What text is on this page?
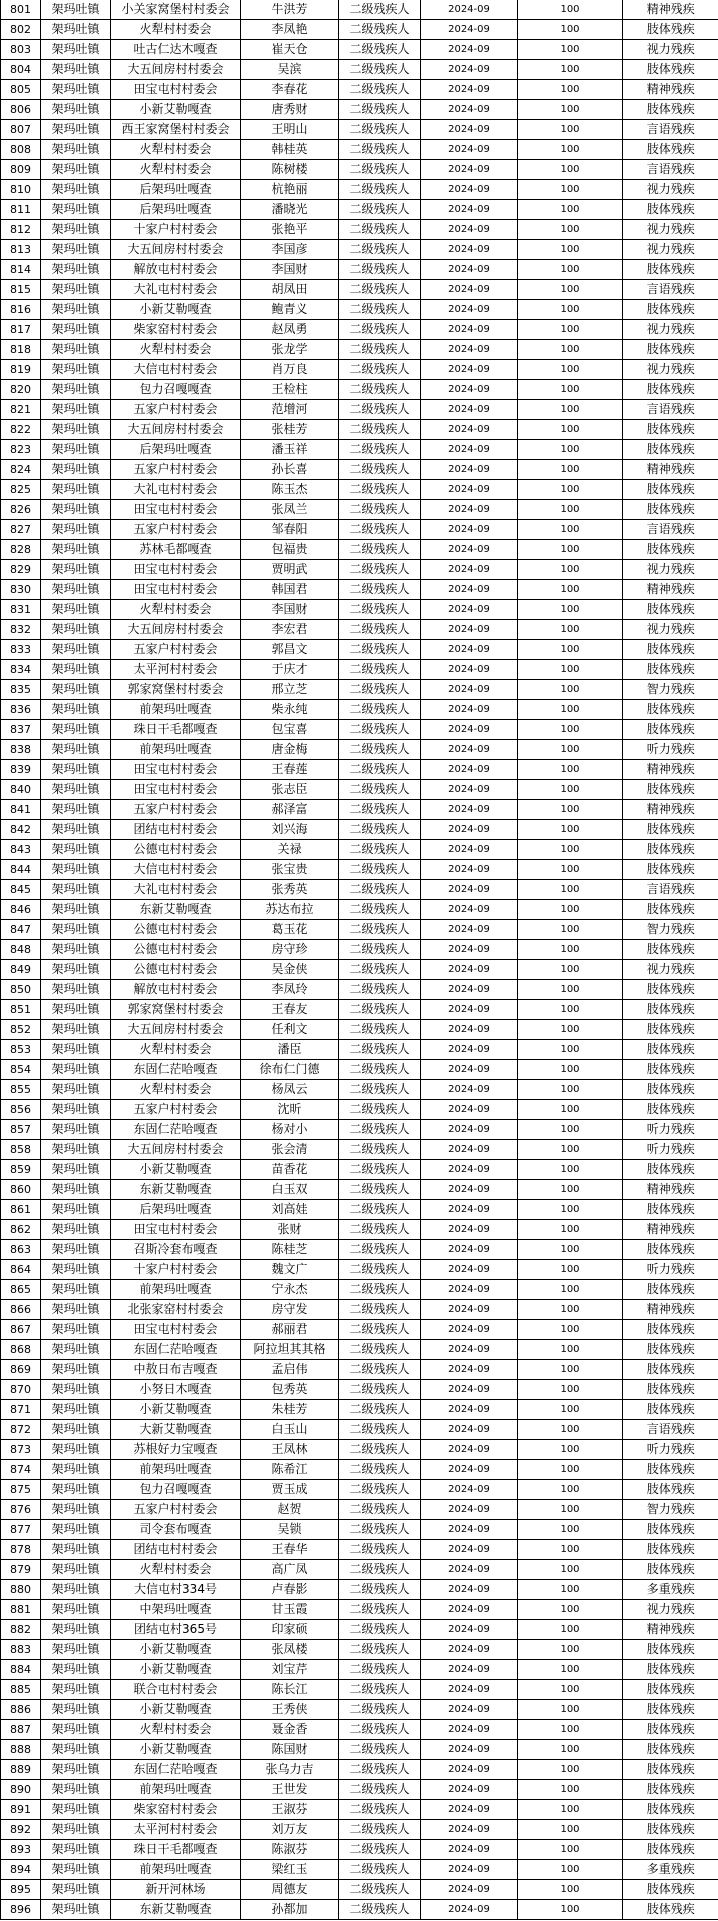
801	架玛吐镇	小关家窝堡村村委会	牛洪芳	二级残疾人	2024-09	100	精神残疾
802	架玛吐镇	火犁村村委会	李凤艳	二级残疾人	2024-09	100	肢体残疾
803	架玛吐镇	吐古仁达木嘎查	崔天仓	二级残疾人	2024-09	100	视力残疾
804	架玛吐镇	大五间房村村委会	吴滨	二级残疾人	2024-09	100	肢体残疾
805	架玛吐镇	田宝屯村村委会	李春花	二级残疾人	2024-09	100	精神残疾
806	架玛吐镇	小新艾勒嘎查	唐秀财	二级残疾人	2024-09	100	肢体残疾
807	架玛吐镇	西王家窝堡村村委会	王明山	二级残疾人	2024-09	100	言语残疾
808	架玛吐镇	火犁村村委会	韩桂英	二级残疾人	2024-09	100	肢体残疾
809	架玛吐镇	火犁村村委会	陈树楼	二级残疾人	2024-09	100	言语残疾
810	架玛吐镇	后架玛吐嘎查	杭艳丽	二级残疾人	2024-09	100	视力残疾
811	架玛吐镇	后架玛吐嘎查	潘晓光	二级残疾人	2024-09	100	肢体残疾
812	架玛吐镇	十家户村村委会	张艳平	二级残疾人	2024-09	100	视力残疾
813	架玛吐镇	大五间房村村委会	李国彦	二级残疾人	2024-09	100	视力残疾
814	架玛吐镇	解放屯村村委会	李国财	二级残疾人	2024-09	100	肢体残疾
815	架玛吐镇	大礼屯村村委会	胡凤田	二级残疾人	2024-09	100	言语残疾
816	架玛吐镇	小新艾勒嘎查	鲍青义	二级残疾人	2024-09	100	肢体残疾
817	架玛吐镇	柴家窑村村委会	赵凤勇	二级残疾人	2024-09	100	视力残疾
818	架玛吐镇	火犁村村委会	张龙学	二级残疾人	2024-09	100	肢体残疾
819	架玛吐镇	大信屯村村委会	肖万良	二级残疾人	2024-09	100	视力残疾
820	架玛吐镇	包力召嘎嘎查	王检柱	二级残疾人	2024-09	100	肢体残疾
821	架玛吐镇	五家户村村委会	范增河	二级残疾人	2024-09	100	言语残疾
822	架玛吐镇	大五间房村村委会	张桂芳	二级残疾人	2024-09	100	肢体残疾
823	架玛吐镇	后架玛吐嘎查	潘玉祥	二级残疾人	2024-09	100	肢体残疾
824	架玛吐镇	五家户村村委会	孙长喜	二级残疾人	2024-09	100	精神残疾
825	架玛吐镇	大礼屯村村委会	陈玉杰	二级残疾人	2024-09	100	肢体残疾
826	架玛吐镇	田宝屯村村委会	张凤兰	二级残疾人	2024-09	100	肢体残疾
827	架玛吐镇	五家户村村委会	邹春阳	二级残疾人	2024-09	100	言语残疾
828	架玛吐镇	苏林毛都嘎查	包福贵	二级残疾人	2024-09	100	肢体残疾
829	架玛吐镇	田宝屯村村委会	贾明武	二级残疾人	2024-09	100	视力残疾
830	架玛吐镇	田宝屯村村委会	韩国君	二级残疾人	2024-09	100	精神残疾
831	架玛吐镇	火犁村村委会	李国财	二级残疾人	2024-09	100	肢体残疾
832	架玛吐镇	大五间房村村委会	李宏君	二级残疾人	2024-09	100	视力残疾
833	架玛吐镇	五家户村村委会	郭昌文	二级残疾人	2024-09	100	肢体残疾
834	架玛吐镇	太平河村村委会	于庆才	二级残疾人	2024-09	100	肢体残疾
835	架玛吐镇	郭家窝堡村村委会	邢立芝	二级残疾人	2024-09	100	智力残疾
836	架玛吐镇	前架玛吐嘎查	柴永纯	二级残疾人	2024-09	100	肢体残疾
837	架玛吐镇	珠日干毛都嘎查	包宝喜	二级残疾人	2024-09	100	肢体残疾
838	架玛吐镇	前架玛吐嘎查	唐金梅	二级残疾人	2024-09	100	听力残疾
839	架玛吐镇	田宝屯村村委会	王春莲	二级残疾人	2024-09	100	精神残疾
840	架玛吐镇	田宝屯村村委会	张志臣	二级残疾人	2024-09	100	肢体残疾
841	架玛吐镇	五家户村村委会	郝泽富	二级残疾人	2024-09	100	精神残疾
842	架玛吐镇	团结屯村村委会	刘兴海	二级残疾人	2024-09	100	肢体残疾
843	架玛吐镇	公德屯村村委会	关禄	二级残疾人	2024-09	100	肢体残疾
844	架玛吐镇	大信屯村村委会	张宝贵	二级残疾人	2024-09	100	肢体残疾
845	架玛吐镇	大礼屯村村委会	张秀英	二级残疾人	2024-09	100	言语残疾
846	架玛吐镇	东新艾勒嘎查	苏达布拉	二级残疾人	2024-09	100	肢体残疾
847	架玛吐镇	公德屯村村委会	葛玉花	二级残疾人	2024-09	100	智力残疾
848	架玛吐镇	公德屯村村委会	房守珍	二级残疾人	2024-09	100	肢体残疾
849	架玛吐镇	公德屯村村委会	吴金侠	二级残疾人	2024-09	100	视力残疾
850	架玛吐镇	解放屯村村委会	李凤玲	二级残疾人	2024-09	100	肢体残疾
851	架玛吐镇	郭家窝堡村村委会	王春友	二级残疾人	2024-09	100	肢体残疾
852	架玛吐镇	大五间房村村委会	任利文	二级残疾人	2024-09	100	肢体残疾
853	架玛吐镇	火犁村村委会	潘臣	二级残疾人	2024-09	100	肢体残疾
854	架玛吐镇	东固仁茫哈嘎查	徐布仁门德	二级残疾人	2024-09	100	肢体残疾
855	架玛吐镇	火犁村村委会	杨凤云	二级残疾人	2024-09	100	肢体残疾
856	架玛吐镇	五家户村村委会	沈昕	二级残疾人	2024-09	100	肢体残疾
857	架玛吐镇	东固仁茫哈嘎查	杨对小	二级残疾人	2024-09	100	听力残疾
858	架玛吐镇	大五间房村村委会	张会清	二级残疾人	2024-09	100	听力残疾
859	架玛吐镇	小新艾勒嘎查	苗香花	二级残疾人	2024-09	100	肢体残疾
860	架玛吐镇	东新艾勒嘎查	白玉双	二级残疾人	2024-09	100	精神残疾
861	架玛吐镇	后架玛吐嘎查	刘高娃	二级残疾人	2024-09	100	肢体残疾
862	架玛吐镇	田宝屯村村委会	张财	二级残疾人	2024-09	100	精神残疾
863	架玛吐镇	召斯冷套布嘎查	陈桂芝	二级残疾人	2024-09	100	肢体残疾
864	架玛吐镇	十家户村村委会	魏文广	二级残疾人	2024-09	100	听力残疾
865	架玛吐镇	前架玛吐嘎查	宁永杰	二级残疾人	2024-09	100	肢体残疾
866	架玛吐镇	北张家窑村村委会	房守发	二级残疾人	2024-09	100	精神残疾
867	架玛吐镇	田宝屯村村委会	郝丽君	二级残疾人	2024-09	100	肢体残疾
868	架玛吐镇	东固仁茫哈嘎查	阿拉坦其其格	二级残疾人	2024-09	100	肢体残疾
869	架玛吐镇	中敖日布吉嘎查	孟启伟	二级残疾人	2024-09	100	肢体残疾
870	架玛吐镇	小努日木嘎查	包秀英	二级残疾人	2024-09	100	肢体残疾
871	架玛吐镇	小新艾勒嘎查	朱桂芳	二级残疾人	2024-09	100	肢体残疾
872	架玛吐镇	大新艾勒嘎查	白玉山	二级残疾人	2024-09	100	言语残疾
873	架玛吐镇	苏根好力宝嘎查	王凤林	二级残疾人	2024-09	100	听力残疾
874	架玛吐镇	前架玛吐嘎查	陈希江	二级残疾人	2024-09	100	肢体残疾
875	架玛吐镇	包力召嘎嘎查	贾玉成	二级残疾人	2024-09	100	肢体残疾
876	架玛吐镇	五家户村村委会	赵贺	二级残疾人	2024-09	100	智力残疾
877	架玛吐镇	司令套布嘎查	吴锁	二级残疾人	2024-09	100	肢体残疾
878	架玛吐镇	团结屯村村委会	王春华	二级残疾人	2024-09	100	肢体残疾
879	架玛吐镇	火犁村村委会	高广凤	二级残疾人	2024-09	100	肢体残疾
880	架玛吐镇	大信屯村334号	卢春影	二级残疾人	2024-09	100	多重残疾
881	架玛吐镇	中架玛吐嘎查	甘玉霞	二级残疾人	2024-09	100	视力残疾
882	架玛吐镇	团结屯村365号	印家硕	二级残疾人	2024-09	100	精神残疾
883	架玛吐镇	小新艾勒嘎查	张凤楼	二级残疾人	2024-09	100	肢体残疾
884	架玛吐镇	小新艾勒嘎查	刘宝芹	二级残疾人	2024-09	100	肢体残疾
885	架玛吐镇	联合屯村村委会	陈长江	二级残疾人	2024-09	100	肢体残疾
886	架玛吐镇	小新艾勒嘎查	王秀侠	二级残疾人	2024-09	100	肢体残疾
887	架玛吐镇	火犁村村委会	聂金香	二级残疾人	2024-09	100	肢体残疾
888	架玛吐镇	小新艾勒嘎查	陈国财	二级残疾人	2024-09	100	肢体残疾
889	架玛吐镇	东固仁茫哈嘎查	张乌力吉	二级残疾人	2024-09	100	肢体残疾
890	架玛吐镇	前架玛吐嘎查	王世发	二级残疾人	2024-09	100	肢体残疾
891	架玛吐镇	柴家窑村村委会	王淑芬	二级残疾人	2024-09	100	肢体残疾
892	架玛吐镇	太平河村村委会	刘万友	二级残疾人	2024-09	100	肢体残疾
893	架玛吐镇	珠日干毛都嘎查	陈淑芬	二级残疾人	2024-09	100	肢体残疾
894	架玛吐镇	前架玛吐嘎查	梁红玉	二级残疾人	2024-09	100	多重残疾
895	架玛吐镇	新开河林场	周德友	二级残疾人	2024-09	100	肢体残疾
896	架玛吐镇	东新艾勒嘎查	孙都加	二级残疾人	2024-09	100	肢体残疾
